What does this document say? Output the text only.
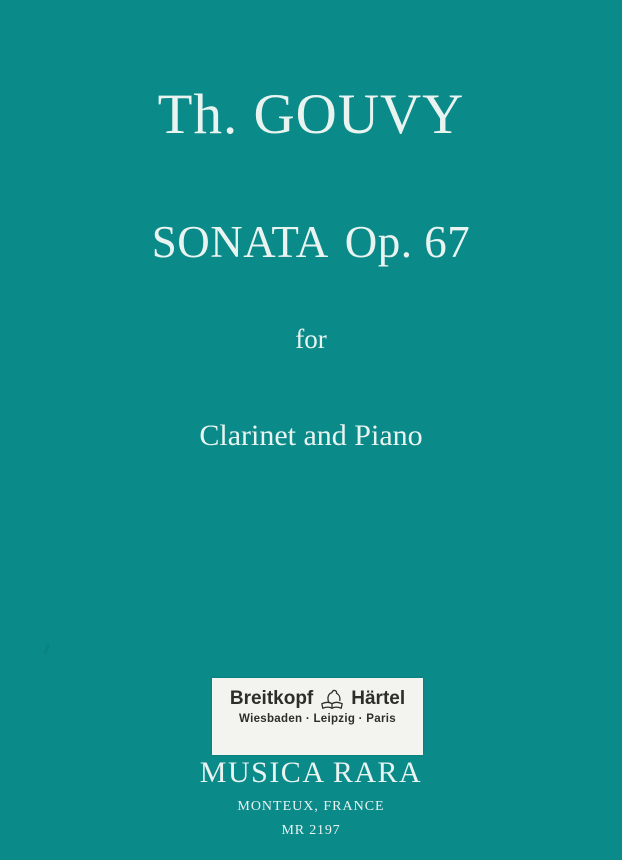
Th. GOUVY
SONATA Op. 67
for
Clarinet and Piano
Breitkopf Härtel
Wiesbaden · Leipzig · Paris
MUSICA RARA
MONTEUX, FRANCE
MR 2197
